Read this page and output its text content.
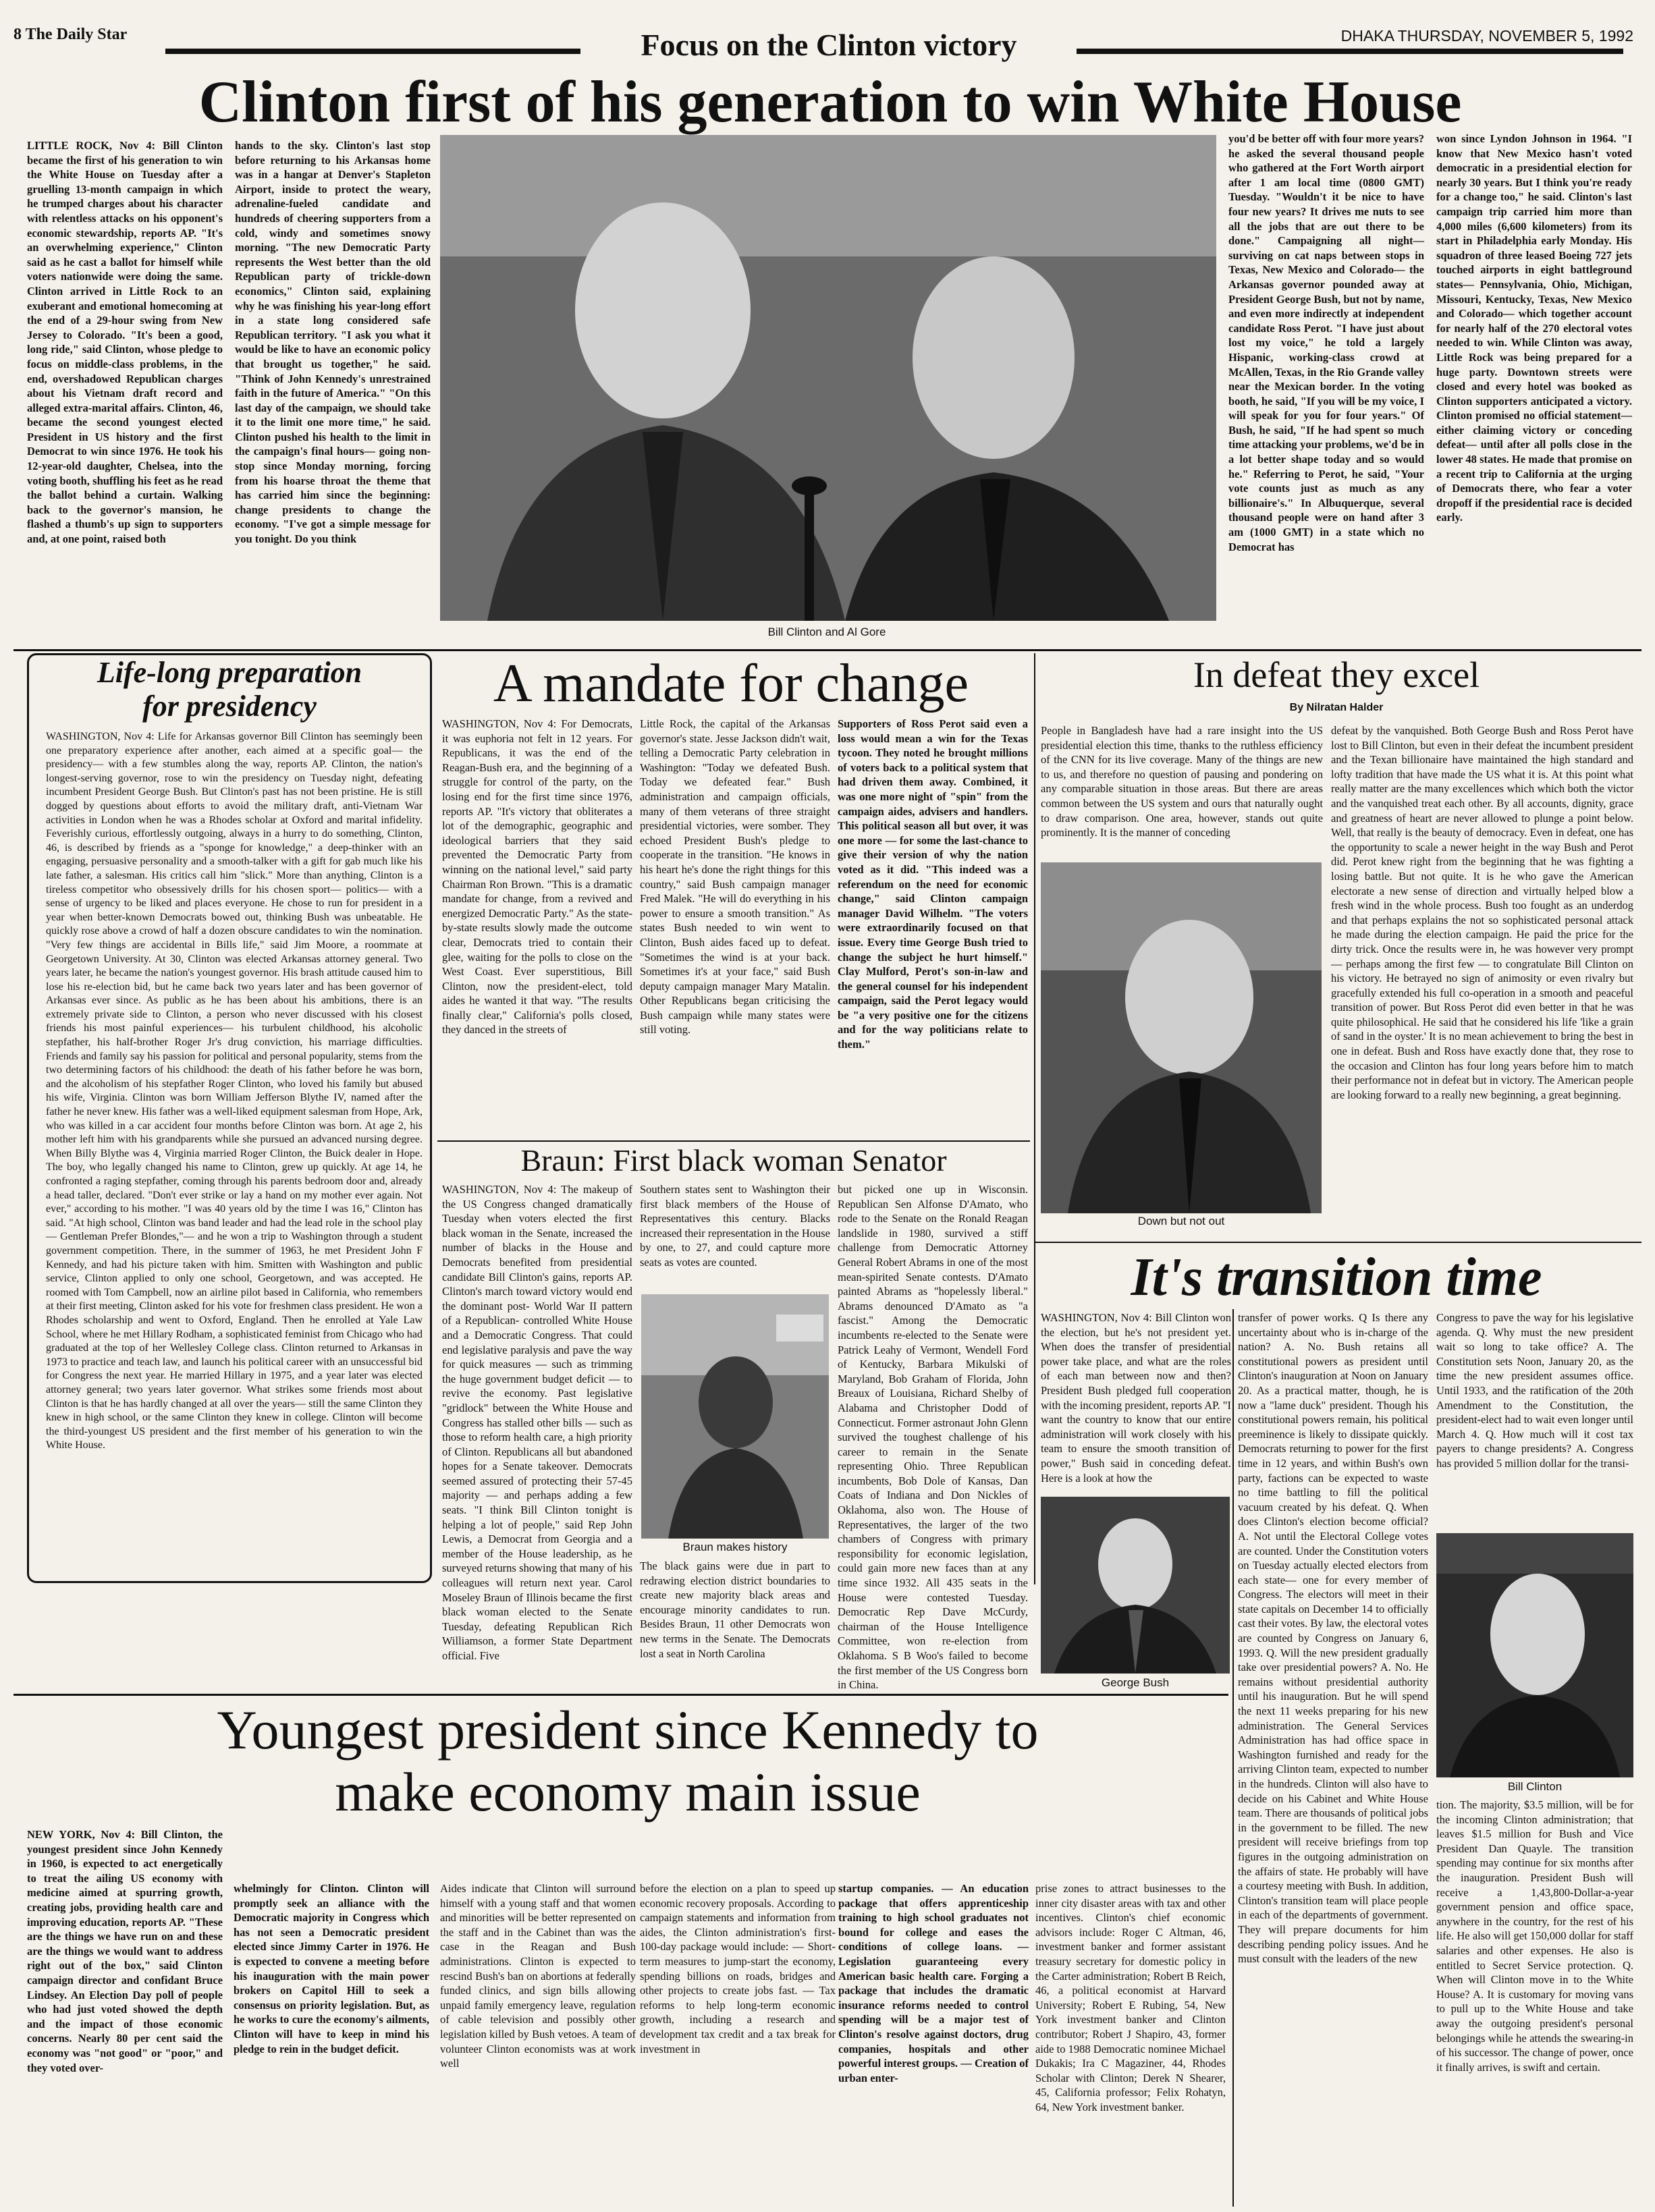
8 The Daily Star	Focus on the Clinton victory	DHAKA THURSDAY, NOVEMBER 5, 1992
Clinton first of his generation to win White House
LITTLE ROCK, Nov 4: Bill Clinton became the first of his generation to win the White House on Tuesday after a gruelling 13-month campaign in which he trumped charges about his character with relentless attacks on his opponent's economic stewardship, reports AP. "It's an overwhelming experience," Clinton said as he cast a ballot for himself while voters nationwide were doing the same. Clinton arrived in Little Rock to an exuberant and emotional homecoming at the end of a 29-hour swing from New Jersey to Colorado. "It's been a good, long ride," said Clinton, whose pledge to focus on middle-class problems, in the end, overshadowed Republican charges about his Vietnam draft record and alleged extra-marital affairs. Clinton, 46, became the second youngest elected President in US history and the first Democrat to win since 1976. He took his 12-year-old daughter, Chelsea, into the voting booth, shuffling his feet as he read the ballot behind a curtain. Walking back to the governor's mansion, he flashed a thumb's up sign to supporters and, at one point, raised both
hands to the sky. Clinton's last stop before returning to his Arkansas home was in a hangar at Denver's Stapleton Airport, inside to protect the weary, adrenaline-fueled candidate and hundreds of cheering supporters from a cold, windy and sometimes snowy morning. "The new Democratic Party represents the West better than the old Republican party of trickle-down economics," Clinton said, explaining why he was finishing his year-long effort in a state long considered safe Republican territory. "I ask you what it would be like to have an economic policy that brought us together," he said. "Think of John Kennedy's unrestrained faith in the future of America." "On this last day of the campaign, we should take it to the limit one more time," he said. Clinton pushed his health to the limit in the campaign's final hours— going non-stop since Monday morning, forcing from his hoarse throat the theme that has carried him since the beginning: change presidents to change the economy. "I've got a simple message for you tonight. Do you think
Bill Clinton and Al Gore
you'd be better off with four more years? he asked the several thousand people who gathered at the Fort Worth airport after 1 am local time (0800 GMT) Tuesday. "Wouldn't it be nice to have four new years? It drives me nuts to see all the jobs that are out there to be done." Campaigning all night— surviving on cat naps between stops in Texas, New Mexico and Colorado— the Arkansas governor pounded away at President George Bush, but not by name, and even more indirectly at independent candidate Ross Perot. "I have just about lost my voice," he told a largely Hispanic, working-class crowd at McAllen, Texas, in the Rio Grande valley near the Mexican border. In the voting booth, he said, "If you will be my voice, I will speak for you for four years." Of Bush, he said, "If he had spent so much time attacking your problems, we'd be in a lot better shape today and so would he." Referring to Perot, he said, "Your vote counts just as much as any billionaire's." In Albuquerque, several thousand people were on hand after 3 am (1000 GMT) in a state which no Democrat has
won since Lyndon Johnson in 1964. "I know that New Mexico hasn't voted democratic in a presidential election for nearly 30 years. But I think you're ready for a change too," he said. Clinton's last campaign trip carried him more than 4,000 miles (6,600 kilometers) from its start in Philadelphia early Monday. His squadron of three leased Boeing 727 jets touched airports in eight battleground states— Pennsylvania, Ohio, Michigan, Missouri, Kentucky, Texas, New Mexico and Colorado— which together account for nearly half of the 270 electoral votes needed to win. While Clinton was away, Little Rock was being prepared for a huge party. Downtown streets were closed and every hotel was booked as Clinton supporters anticipated a victory. Clinton promised no official statement— either claiming victory or conceding defeat— until after all polls close in the lower 48 states. He made that promise on a recent trip to California at the urging of Democrats there, who fear a voter dropoff if the presidential race is decided early.
Life-long preparation
for presidency
WASHINGTON, Nov 4: Life for Arkansas governor Bill Clinton has seemingly been one preparatory experience after another, each aimed at a specific goal— the presidency— with a few stumbles along the way, reports AP. Clinton, the nation's longest-serving governor, rose to win the presidency on Tuesday night, defeating incumbent President George Bush. But Clinton's past has not been pristine. He is still dogged by questions about efforts to avoid the military draft, anti-Vietnam War activities in London when he was a Rhodes scholar at Oxford and marital infidelity. Feverishly curious, effortlessly outgoing, always in a hurry to do something, Clinton, 46, is described by friends as a "sponge for knowledge," a deep-thinker with an engaging, persuasive personality and a smooth-talker with a gift for gab much like his late father, a salesman. His critics call him "slick." More than anything, Clinton is a tireless competitor who obsessively drills for his chosen sport— politics— with a sense of urgency to be liked and places everyone. He chose to run for president in a year when better-known Democrats bowed out, thinking Bush was unbeatable. He quickly rose above a crowd of half a dozen obscure candidates to win the nomination. "Very few things are accidental in Bills life," said Jim Moore, a roommate at Georgetown University. At 30, Clinton was elected Arkansas attorney general. Two years later, he became the nation's youngest governor. His brash attitude caused him to lose his re-election bid, but he came back two years later and has been governor of Arkansas ever since. As public as he has been about his ambitions, there is an extremely private side to Clinton, a person who never discussed with his closest friends his most painful experiences— his turbulent childhood, his alcoholic stepfather, his half-brother Roger Jr's drug conviction, his marriage difficulties. Friends and family say his passion for political and personal popularity, stems from the two determining factors of his childhood: the death of his father before he was born, and the alcoholism of his stepfather Roger Clinton, who loved his family but abused his wife, Virginia. Clinton was born William Jefferson Blythe IV, named after the father he never knew. His father was a well-liked equipment salesman from Hope, Ark, who was killed in a car accident four months before Clinton was born. At age 2, his mother left him with his grandparents while she pursued an advanced nursing degree. When Billy Blythe was 4, Virginia married Roger Clinton, the Buick dealer in Hope. The boy, who legally changed his name to Clinton, grew up quickly. At age 14, he confronted a raging stepfather, coming through his parents bedroom door and, already a head taller, declared. "Don't ever strike or lay a hand on my mother ever again. Not ever," according to his mother. "I was 40 years old by the time I was 16," Clinton has said. "At high school, Clinton was band leader and had the lead role in the school play — Gentleman Prefer Blondes,"— and he won a trip to Washington through a student government competition. There, in the summer of 1963, he met President John F Kennedy, and had his picture taken with him. Smitten with Washington and public service, Clinton applied to only one school, Georgetown, and was accepted. He roomed with Tom Campbell, now an airline pilot based in California, who remembers at their first meeting, Clinton asked for his vote for freshmen class president. He won a Rhodes scholarship and went to Oxford, England. Then he enrolled at Yale Law School, where he met Hillary Rodham, a sophisticated feminist from Chicago who had graduated at the top of her Wellesley College class. Clinton returned to Arkansas in 1973 to practice and teach law, and launch his political career with an unsuccessful bid for Congress the next year. He married Hillary in 1975, and a year later was elected attorney general; two years later governor. What strikes some friends most about Clinton is that he has hardly changed at all over the years— still the same Clinton they knew in high school, or the same Clinton they knew in college. Clinton will become the third-youngest US president and the first member of his generation to win the White House.
A mandate for change
WASHINGTON, Nov 4: For Democrats, it was euphoria not felt in 12 years. For Republicans, it was the end of the Reagan-Bush era, and the beginning of a struggle for control of the party, on the losing end for the first time since 1976, reports AP. "It's victory that obliterates a lot of the demographic, geographic and ideological barriers that they said prevented the Democratic Party from winning on the national level," said party Chairman Ron Brown. "This is a dramatic mandate for change, from a revived and energized Democratic Party." As the state-by-state results slowly made the outcome clear, Democrats tried to contain their glee, waiting for the polls to close on the West Coast. Ever superstitious, Bill Clinton, now the president-elect, told aides he wanted it that way. "The results finally clear," California's polls closed, they danced in the streets of
Little Rock, the capital of the Arkansas governor's state. Jesse Jackson didn't wait, telling a Democratic Party celebration in Washington: "Today we defeated Bush. Today we defeated fear." Bush administration and campaign officials, many of them veterans of three straight presidential victories, were somber. They echoed President Bush's pledge to cooperate in the transition. "He knows in his heart he's done the right things for this country," said Bush campaign manager Fred Malek. "He will do everything in his power to ensure a smooth transition." As states Bush needed to win went to Clinton, Bush aides faced up to defeat. "Sometimes the wind is at your back. Sometimes it's at your face," said Bush deputy campaign manager Mary Matalin. Other Republicans began criticising the Bush campaign while many states were still voting.
Supporters of Ross Perot said even a loss would mean a win for the Texas tycoon. They noted he brought millions of voters back to a political system that had driven them away. Combined, it was one more night of "spin" from the campaign aides, advisers and handlers. This political season all but over, it was one more — for some the last-chance to give their version of why the nation voted as it did. "This indeed was a referendum on the need for economic change," said Clinton campaign manager David Wilhelm. "The voters were extraordinarily focused on that issue. Every time George Bush tried to change the subject he hurt himself." Clay Mulford, Perot's son-in-law and the general counsel for his independent campaign, said the Perot legacy would be "a very positive one for the citizens and for the way politicians relate to them."
Braun: First black woman Senator
WASHINGTON, Nov 4: The makeup of the US Congress changed dramatically Tuesday when voters elected the first black woman in the Senate, increased the number of blacks in the House and Democrats benefited from presidential candidate Bill Clinton's gains, reports AP. Clinton's march toward victory would end the dominant post- World War II pattern of a Republican- controlled White House and a Democratic Congress. That could end legislative paralysis and pave the way for quick measures — such as trimming the huge government budget deficit — to revive the economy. Past legislative "gridlock" between the White House and Congress has stalled other bills — such as those to reform health care, a high priority of Clinton. Republicans all but abandoned hopes for a Senate takeover. Democrats seemed assured of protecting their 57-45 majority — and perhaps adding a few seats. "I think Bill Clinton tonight is helping a lot of people," said Rep John Lewis, a Democrat from Georgia and a member of the House leadership, as he surveyed returns showing that many of his colleagues will return next year. Carol Moseley Braun of Illinois became the first black woman elected to the Senate Tuesday, defeating Republican Rich Williamson, a former State Department official. Five
Southern states sent to Washington their first black members of the House of Representatives this century. Blacks increased their representation in the House by one, to 27, and could capture more seats as votes are counted.
Braun makes history
The black gains were due in part to redrawing election district boundaries to create new majority black areas and encourage minority candidates to run. Besides Braun, 11 other Democrats won new terms in the Senate. The Democrats lost a seat in North Carolina
but picked one up in Wisconsin. Republican Sen Alfonse D'Amato, who rode to the Senate on the Ronald Reagan landslide in 1980, survived a stiff challenge from Democratic Attorney General Robert Abrams in one of the most mean-spirited Senate contests. D'Amato painted Abrams as "hopelessly liberal." Abrams denounced D'Amato as "a fascist." Among the Democratic incumbents re-elected to the Senate were Patrick Leahy of Vermont, Wendell Ford of Kentucky, Barbara Mikulski of Maryland, Bob Graham of Florida, John Breaux of Louisiana, Richard Shelby of Alabama and Christopher Dodd of Connecticut. Former astronaut John Glenn survived the toughest challenge of his career to remain in the Senate representing Ohio. Three Republican incumbents, Bob Dole of Kansas, Dan Coats of Indiana and Don Nickles of Oklahoma, also won. The House of Representatives, the larger of the two chambers of Congress with primary responsibility for economic legislation, could gain more new faces than at any time since 1932. All 435 seats in the House were contested Tuesday. Democratic Rep Dave McCurdy, chairman of the House Intelligence Committee, won re-election from Oklahoma. S B Woo's failed to become the first member of the US Congress born in China.
In defeat they excel
By Nilratan Halder
People in Bangladesh have had a rare insight into the US presidential election this time, thanks to the ruthless efficiency of the CNN for its live coverage. Many of the things are new to us, and therefore no question of pausing and pondering on any comparable situation in those areas. But there are areas common between the US system and ours that naturally ought to draw comparison. One area, however, stands out quite prominently. It is the manner of conceding
Down but not out
defeat by the vanquished. Both George Bush and Ross Perot have lost to Bill Clinton, but even in their defeat the incumbent president and the Texan billionaire have maintained the high standard and lofty tradition that have made the US what it is. At this point what really matter are the many excellences which which both the victor and the vanquished treat each other. By all accounts, dignity, grace and greatness of heart are never allowed to plunge a point below. Well, that really is the beauty of democracy. Even in defeat, one has the opportunity to scale a newer height in the way Bush and Perot did. Perot knew right from the beginning that he was fighting a losing battle. But not quite. It is he who gave the American electorate a new sense of direction and virtually helped blow a fresh wind in the whole process. Bush too fought as an underdog and that perhaps explains the not so sophisticated personal attack he made during the election campaign. He paid the price for the dirty trick. Once the results were in, he was however very prompt — perhaps among the first few — to congratulate Bill Clinton on his victory. He betrayed no sign of animosity or even rivalry but gracefully extended his full co-operation in a smooth and peaceful transition of power. But Ross Perot did even better in that he was quite philosophical. He said that he considered his life 'like a grain of sand in the oyster.' It is no mean achievement to bring the best in one in defeat. Bush and Ross have exactly done that, they rose to the occasion and Clinton has four long years before him to match their performance not in defeat but in victory. The American people are looking forward to a really new beginning, a great beginning.
It's transition time
WASHINGTON, Nov 4: Bill Clinton won the election, but he's not president yet. When does the transfer of presidential power take place, and what are the roles of each man between now and then? President Bush pledged full cooperation with the incoming president, reports AP. "I want the country to know that our entire administration will work closely with his team to ensure the smooth transition of power," Bush said in conceding defeat. Here is a look at how the
George Bush
transfer of power works. Q Is there any uncertainty about who is in-charge of the nation? A. No. Bush retains all constitutional powers as president until Clinton's inauguration at Noon on January 20. As a practical matter, though, he is now a "lame duck" president. Though his constitutional powers remain, his political preeminence is likely to dissipate quickly. Democrats returning to power for the first time in 12 years, and within Bush's own party, factions can be expected to waste no time battling to fill the political vacuum created by his defeat. Q. When does Clinton's election become official? A. Not until the Electoral College votes are counted. Under the Constitution voters on Tuesday actually elected electors from each state— one for every member of Congress. The electors will meet in their state capitals on December 14 to officially cast their votes. By law, the electoral votes are counted by Congress on January 6, 1993. Q. Will the new president gradually take over presidential powers? A. No. He remains without presidential authority until his inauguration. But he will spend the next 11 weeks preparing for his new administration. The General Services Administration has had office space in Washington furnished and ready for the arriving Clinton team, expected to number in the hundreds. Clinton will also have to decide on his Cabinet and White House team. There are thousands of political jobs in the government to be filled. The new president will receive briefings from top figures in the outgoing administration on the affairs of state. He probably will have a courtesy meeting with Bush. In addition, Clinton's transition team will place people in each of the departments of government. They will prepare documents for him describing pending policy issues. And he must consult with the leaders of the new
Congress to pave the way for his legislative agenda. Q. Why must the new president wait so long to take office? A. The Constitution sets Noon, January 20, as the time the new president assumes office. Until 1933, and the ratification of the 20th Amendment to the Constitution, the president-elect had to wait even longer until March 4. Q. How much will it cost tax payers to change presidents? A. Congress has provided 5 million dollar for the transi-
Bill Clinton
tion. The majority, $3.5 million, will be for the incoming Clinton administration; that leaves $1.5 million for Bush and Vice President Dan Quayle. The transition spending may continue for six months after the inauguration. President Bush will receive a 1,43,800-Dollar-a-year government pension and office space, anywhere in the country, for the rest of his life. He also will get 150,000 dollar for staff salaries and other expenses. He also is entitled to Secret Service protection. Q. When will Clinton move in to the White House? A. It is customary for moving vans to pull up to the White House and take away the outgoing president's personal belongings while he attends the swearing-in of his successor. The change of power, once it finally arrives, is swift and certain.
Youngest president since Kennedy to
make economy main issue
NEW YORK, Nov 4: Bill Clinton, the youngest president since John Kennedy in 1960, is expected to act energetically to treat the ailing US economy with medicine aimed at spurring growth, creating jobs, providing health care and improving education, reports AP. "These are the things we have run on and these are the things we would want to address right out of the box," said Clinton campaign director and confidant Bruce Lindsey. An Election Day poll of people who had just voted showed the depth and the impact of those economic concerns. Nearly 80 per cent said the economy was "not good" or "poor," and they voted over-
whelmingly for Clinton. Clinton will promptly seek an alliance with the Democratic majority in Congress which has not seen a Democratic president elected since Jimmy Carter in 1976. He is expected to convene a meeting before his inauguration with the main power brokers on Capitol Hill to seek a consensus on priority legislation. But, as he works to cure the economy's ailments, Clinton will have to keep in mind his pledge to rein in the budget deficit.
Aides indicate that Clinton will surround himself with a young staff and that women and minorities will be better represented on the staff and in the Cabinet than was the case in the Reagan and Bush administrations. Clinton is expected to rescind Bush's ban on abortions at federally funded clinics, and sign bills allowing unpaid family emergency leave, regulation of cable television and possibly other legislation killed by Bush vetoes. A team of volunteer Clinton economists was at work well
before the election on a plan to speed up economic recovery proposals. According to campaign statements and information from aides, the Clinton administration's first-100-day package would include: — Short-term measures to jump-start the economy, spending billions on roads, bridges and other projects to create jobs fast. — Tax reforms to help long-term economic growth, including a research and development tax credit and a tax break for investment in
startup companies. — An education package that offers apprenticeship training to high school graduates not bound for college and eases the conditions of college loans. — Legislation guaranteeing every American basic health care. Forging a package that includes the dramatic insurance reforms needed to control spending will be a major test of Clinton's resolve against doctors, drug companies, hospitals and other powerful interest groups. — Creation of urban enter-
prise zones to attract businesses to the inner city disaster areas with tax and other incentives. Clinton's chief economic advisors include: Roger C Altman, 46, investment banker and former assistant treasury secretary for domestic policy in the Carter administration; Robert B Reich, 46, a political economist at Harvard University; Robert E Rubing, 54, New York investment banker and Clinton contributor; Robert J Shapiro, 43, former aide to 1988 Democratic nominee Michael Dukakis; Ira C Magaziner, 44, Rhodes Scholar with Clinton; Derek N Shearer, 45, California professor; Felix Rohatyn, 64, New York investment banker.
